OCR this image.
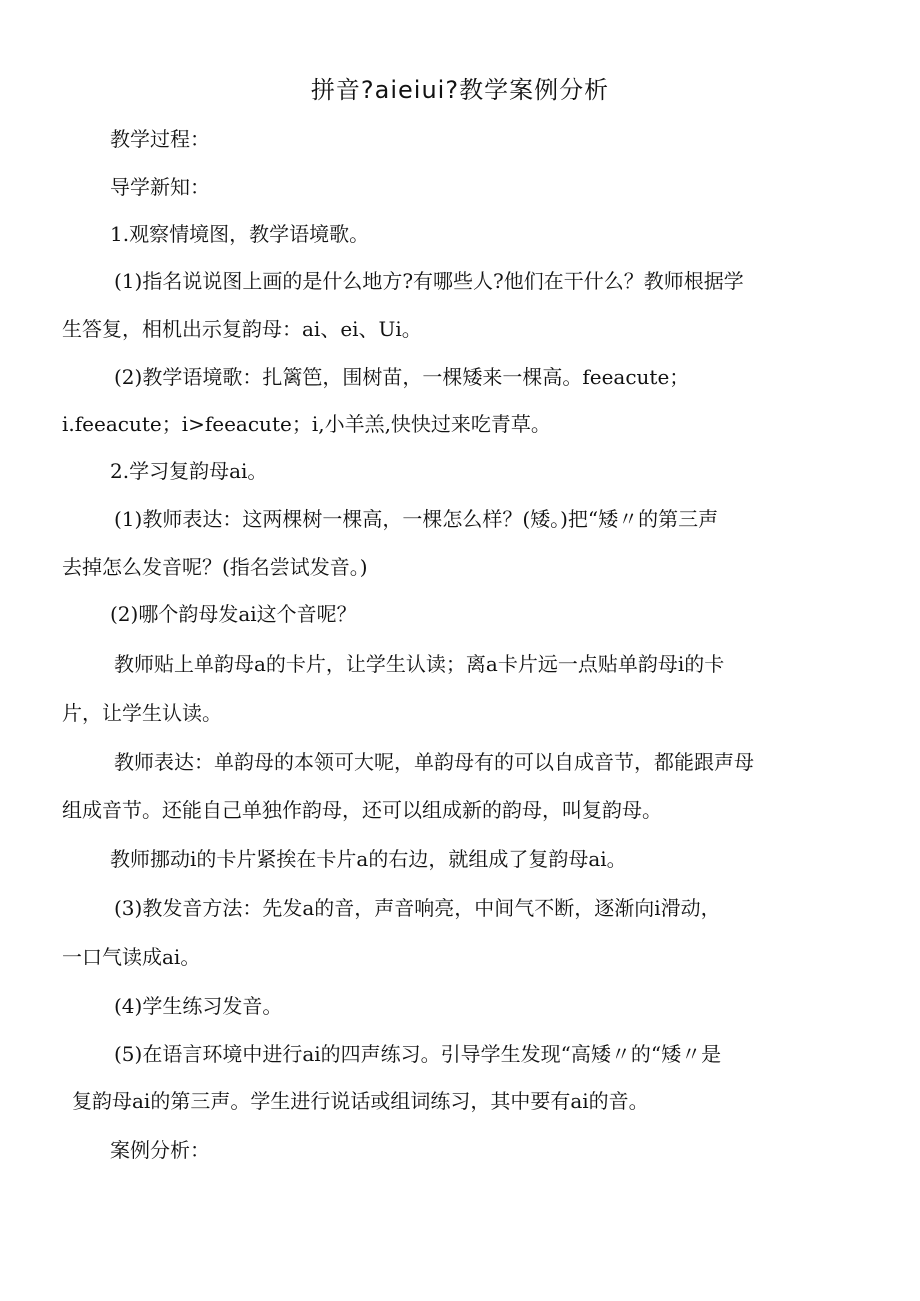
拼音?aieiui?教学案例分析
教学过程：
导学新知：
1.观察情境图，教学语境歌。
(1)指名说说图上画的是什么地方?有哪些人?他们在干什么？教师根据学
生答复，相机出示复韵母：ai、ei、Ui。
(2)教学语境歌：扎篱笆，围树苗，一棵矮来一棵高。feeacute；
i.feeacute；i>feeacute；i,小羊羔,快快过来吃青草。
2.学习复韵母ai。
(1)教师表达：这两棵树一棵高，一棵怎么样？(矮。)把“矮〃的第三声
去掉怎么发音呢？(指名尝试发音。)
(2)哪个韵母发ai这个音呢？
教师贴上单韵母a的卡片，让学生认读；离a卡片远一点贴单韵母i的卡
片，让学生认读。
教师表达：单韵母的本领可大呢，单韵母有的可以自成音节，都能跟声母
组成音节。还能自己单独作韵母，还可以组成新的韵母，叫复韵母。
教师挪动i的卡片紧挨在卡片a的右边，就组成了复韵母ai。
(3)教发音方法：先发a的音，声音响亮，中间气不断，逐渐向i滑动，
一口气读成ai。
(4)学生练习发音。
(5)在语言环境中进行ai的四声练习。引导学生发现“高矮〃的“矮〃是
复韵母ai的第三声。学生进行说话或组词练习，其中要有ai的音。
案例分析：
